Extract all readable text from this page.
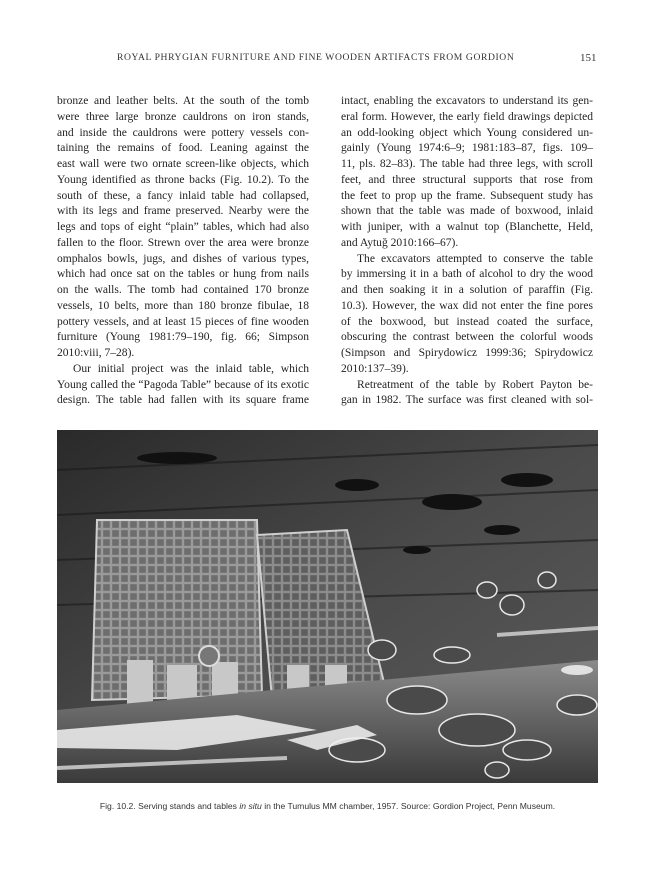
ROYAL PHRYGIAN FURNITURE AND FINE WOODEN ARTIFACTS FROM GORDION	151

bronze and leather belts. At the south of the tomb
were three large bronze cauldrons on iron stands,
and inside the cauldrons were pottery vessels con-
taining the remains of food. Leaning against the
east wall were two ornate screen-like objects, which
Young identified as throne backs (Fig. 10.2). To the
south of these, a fancy inlaid table had collapsed,
with its legs and frame preserved. Nearby were the
legs and tops of eight “plain” tables, which had also
fallen to the floor. Strewn over the area were bronze
omphalos bowls, jugs, and dishes of various types,
which had once sat on the tables or hung from nails
on the walls. The tomb had contained 170 bronze
vessels, 10 belts, more than 180 bronze fibulae, 18
pottery vessels, and at least 15 pieces of fine wooden
furniture (Young 1981:79–190, fig. 66; Simpson
2010:viii, 7–28).

Our initial project was the inlaid table, which
Young called the “Pagoda Table” because of its exotic
design. The table had fallen with its square frame

intact, enabling the excavators to understand its gen-
eral form. However, the early field drawings depicted
an odd-looking object which Young considered un-
gainly (Young 1974:6–9; 1981:183–87, figs. 109–
11, pls. 82–83). The table had three legs, with scroll
feet, and three structural supports that rose from
the feet to prop up the frame. Subsequent study has
shown that the table was made of boxwood, inlaid
with juniper, with a walnut top (Blanchette, Held,
and Aytuğ 2010:166–67).

The excavators attempted to conserve the table
by immersing it in a bath of alcohol to dry the wood
and then soaking it in a solution of paraffin (Fig.
10.3). However, the wax did not enter the fine pores
of the boxwood, but instead coated the surface,
obscuring the contrast between the colorful woods
(Simpson and Spirydowicz 1999:36; Spirydowicz
2010:137–39).

Retreatment of the table by Robert Payton be-
gan in 1982. The surface was first cleaned with sol-

Fig. 10.2. Serving stands and tables in situ in the Tumulus MM chamber, 1957. Source: Gordion Project, Penn Museum.
